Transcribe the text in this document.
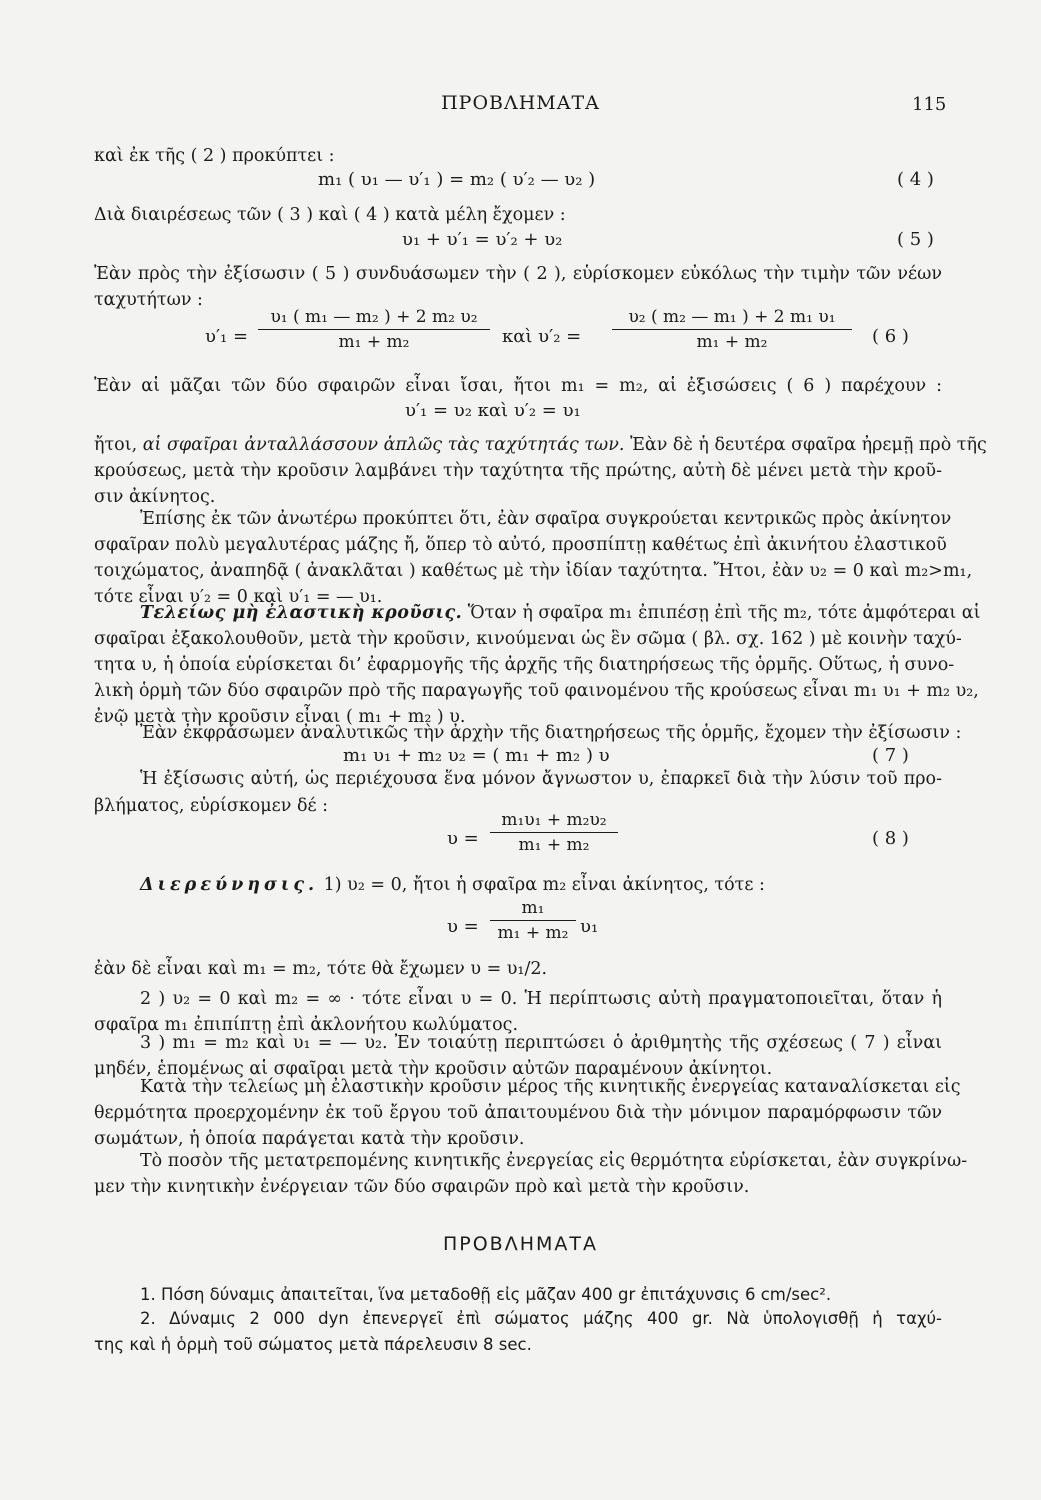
ΠΡΟΒΛΗΜΑΤΑ	115
καὶ ἐκ τῆς ( 2 ) προκύπτει :
m₁ ( υ₁ — υ′₁ ) = m₂ ( υ′₂ — υ₂ )	( 4 )
Διὰ διαιρέσεως τῶν ( 3 ) καὶ ( 4 ) κατὰ μέλη ἔχομεν :
υ₁ + υ′₁ = υ′₂ + υ₂	( 5 )
Ἐὰν πρὸς τὴν ἐξίσωσιν ( 5 ) συνδυάσωμεν τὴν ( 2 ), εὑρίσκομεν εὐκόλως τὴν τιμὴν τῶν νέων
ταχυτήτων :
$\upsilon'_1 = \frac{\text{υ₁ ( m₁ — m₂ ) + 2 m₂ υ₂}}{\text{m₁ + m₂}}$ καὶ $\upsilon'_2 = \frac{\text{υ₂ ( m₂ — m₁ ) + 2 m₁ υ₁}}{\text{m₁ + m₂}}$ ( 6 )
Ἐὰν αἱ μᾶζαι τῶν δύο σφαιρῶν εἶναι ἴσαι, ἤτοι m₁ = m₂, αἱ ἐξισώσεις ( 6 ) παρέχουν :
υ′₁ = υ₂ καὶ υ′₂ = υ₁
ἤτοι, αἱ σφαῖραι ἀνταλλάσσουν ἁπλῶς τὰς ταχύτητάς των. Ἐὰν δὲ ἡ δευτέρα σφαῖρα ἠρεμῇ πρὸ τῆς
κρούσεως, μετὰ τὴν κροῦσιν λαμβάνει τὴν ταχύτητα τῆς πρώτης, αὐτὴ δὲ μένει μετὰ τὴν κροῦ-
σιν ἀκίνητος.
Ἐπίσης ἐκ τῶν ἀνωτέρω προκύπτει ὅτι, ἐὰν σφαῖρα συγκρούεται κεντρικῶς πρὸς ἀκίνητον
σφαῖραν πολὺ μεγαλυτέρας μάζης ἤ, ὅπερ τὸ αὐτό, προσπίπτῃ καθέτως ἐπὶ ἀκινήτου ἐλαστικοῦ
τοιχώματος, ἀναπηδᾷ ( ἀνακλᾶται ) καθέτως μὲ τὴν ἰδίαν ταχύτητα. Ἤτοι, ἐὰν υ₂ = 0 καὶ m₂>m₁,
τότε εἶναι υ′₂ = 0 καὶ υ′₁ = — υ₁.
Τελείως μὴ ἐλαστικὴ κροῦσις. Ὅταν ἡ σφαῖρα m₁ ἐπιπέσῃ ἐπὶ τῆς m₂, τότε ἀμφότεραι αἱ
σφαῖραι ἐξακολουθοῦν, μετὰ τὴν κροῦσιν, κινούμεναι ὡς ἓν σῶμα ( βλ. σχ. 162 ) μὲ κοινὴν ταχύ-
τητα υ, ἡ ὁποία εὑρίσκεται δι’ ἐφαρμογῆς τῆς ἀρχῆς τῆς διατηρήσεως τῆς ὁρμῆς. Οὕτως, ἡ συνο-
λικὴ ὁρμὴ τῶν δύο σφαιρῶν πρὸ τῆς παραγωγῆς τοῦ φαινομένου τῆς κρούσεως εἶναι m₁ υ₁ + m₂ υ₂,
ἐνῷ μετὰ τὴν κροῦσιν εἶναι ( m₁ + m₂ ) υ.
Ἐὰν ἐκφράσωμεν ἀναλυτικῶς τὴν ἀρχὴν τῆς διατηρήσεως τῆς ὁρμῆς, ἔχομεν τὴν ἐξίσωσιν :
m₁ υ₁ + m₂ υ₂ = ( m₁ + m₂ ) υ	( 7 )
Ἡ ἐξίσωσις αὐτή, ὡς περιέχουσα ἕνα μόνον ἄγνωστον υ, ἐπαρκεῖ διὰ τὴν λύσιν τοῦ προ-
βλήματος, εὑρίσκομεν δέ :
$\upsilon = \frac{\text{m₁υ₁ + m₂υ₂}}{\text{m₁ + m₂}}$	( 8 )
Διερεύνησις. 1) υ₂ = 0, ἤτοι ἡ σφαῖρα m₂ εἶναι ἀκίνητος, τότε :
$\upsilon = \frac{\text{m₁}}{\text{m₁ + m₂}} \upsilon_1$
ἐὰν δὲ εἶναι καὶ m₁ = m₂, τότε θὰ ἔχωμεν υ = υ₁/2.
2 ) υ₂ = 0 καὶ m₂ = ∞ · τότε εἶναι υ = 0. Ἡ περίπτωσις αὐτὴ πραγματοποιεῖται, ὅταν ἡ
σφαῖρα m₁ ἐπιπίπτῃ ἐπὶ ἀκλονήτου κωλύματος.
3 ) m₁ = m₂ καὶ υ₁ = — υ₂. Ἐν τοιαύτῃ περιπτώσει ὁ ἀριθμητὴς τῆς σχέσεως ( 7 ) εἶναι
μηδέν, ἑπομένως αἱ σφαῖραι μετὰ τὴν κροῦσιν αὐτῶν παραμένουν ἀκίνητοι.
Κατὰ τὴν τελείως μὴ ἐλαστικὴν κροῦσιν μέρος τῆς κινητικῆς ἐνεργείας καταναλίσκεται εἰς
θερμότητα προερχομένην ἐκ τοῦ ἔργου τοῦ ἀπαιτουμένου διὰ τὴν μόνιμον παραμόρφωσιν τῶν
σωμάτων, ἡ ὁποία παράγεται κατὰ τὴν κροῦσιν.
Τὸ ποσὸν τῆς μετατρεπομένης κινητικῆς ἐνεργείας εἰς θερμότητα εὑρίσκεται, ἐὰν συγκρίνω-
μεν τὴν κινητικὴν ἐνέργειαν τῶν δύο σφαιρῶν πρὸ καὶ μετὰ τὴν κροῦσιν.
ΠΡΟΒΛΗΜΑΤΑ
1. Πόση δύναμις ἀπαιτεῖται, ἵνα μεταδοθῇ εἰς μᾶζαν 400 gr ἐπιτάχυνσις 6 cm/sec².
2. Δύναμις 2 000 dyn ἐπενεργεῖ ἐπὶ σώματος μάζης 400 gr. Νὰ ὑπολογισθῇ ἡ ταχύ-
της καὶ ἡ ὁρμὴ τοῦ σώματος μετὰ πάρελευσιν 8 sec.
